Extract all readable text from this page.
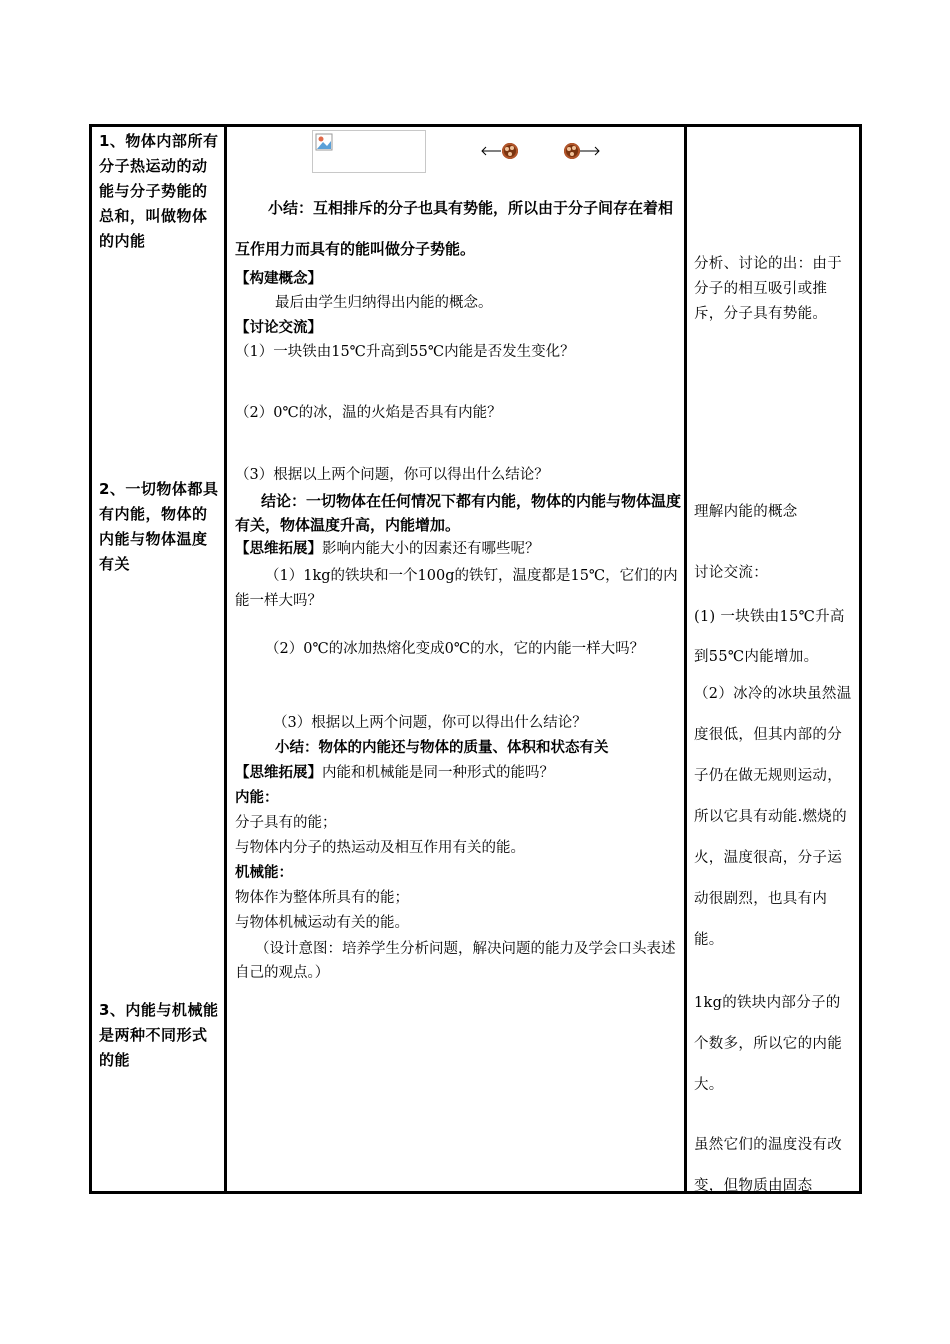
1、物体内部所有分子热运动的动能与分子势能的总和，叫做物体的内能
2、一切物体都具有内能，物体的内能与物体温度有关
3、内能与机械能是两种不同形式的能
小结：互相排斥的分子也具有势能，所以由于分子间存在着相互作用力而具有的能叫做分子势能。
【构建概念】
最后由学生归纳得出内能的概念。
【讨论交流】
（1）一块铁由15℃升高到55℃内能是否发生变化？
（2）0℃的冰，温的火焰是否具有内能？
（3）根据以上两个问题，你可以得出什么结论？
结论：一切物体在任何情况下都有内能，物体的内能与物体温度有关，物体温度升高，内能增加。
【思维拓展】影响内能大小的因素还有哪些呢？
（1）1kg的铁块和一个100g的铁钉，温度都是15℃，它们的内能一样大吗？
（2）0℃的冰加热熔化变成0℃的水，它的内能一样大吗？
（3）根据以上两个问题，你可以得出什么结论？
小结：物体的内能还与物体的质量、体积和状态有关
【思维拓展】内能和机械能是同一种形式的能吗？
内能：
分子具有的能；
与物体内分子的热运动及相互作用有关的能。
机械能：
物体作为整体所具有的能；
与物体机械运动有关的能。
（设计意图：培养学生分析问题，解决问题的能力及学会口头表述自己的观点。）
分析、讨论的出：由于分子的相互吸引或推斥，分子具有势能。
理解内能的概念
讨论交流：
(1) 一块铁由15℃升高到55℃内能增加。
（2）冰冷的冰块虽然温度很低，但其内部的分子仍在做无规则运动，所以它具有动能.燃烧的火，温度很高，分子运动很剧烈，也具有内能。
1kg的铁块内部分子的个数多，所以它的内能大。
虽然它们的温度没有改变，但物质由固态
